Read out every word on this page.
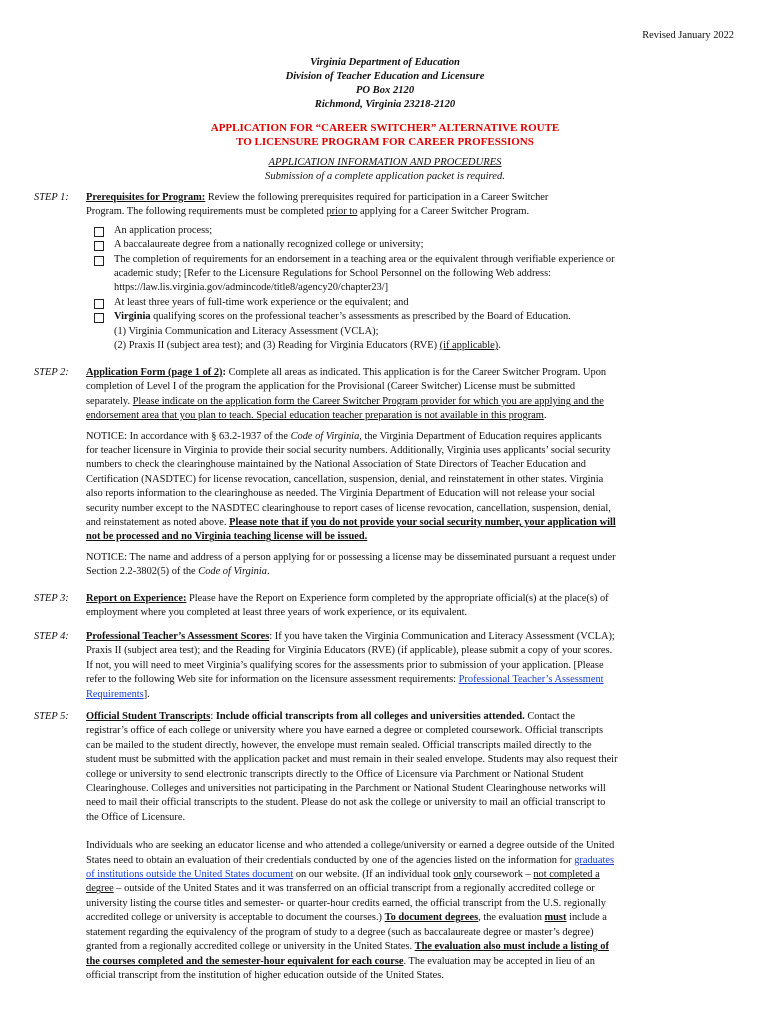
Revised January 2022
Virginia Department of Education
Division of Teacher Education and Licensure
PO Box 2120
Richmond, Virginia 23218-2120
APPLICATION FOR “CAREER SWITCHER” ALTERNATIVE ROUTE
TO LICENSURE PROGRAM FOR CAREER PROFESSIONS
APPLICATION INFORMATION AND PROCEDURES
Submission of a complete application packet is required.
STEP 1: Prerequisites for Program: Review the following prerequisites required for participation in a Career Switcher

Program. The following requirements must be completed prior to applying for a Career Switcher Program.

An application process;
A baccalaureate degree from a nationally recognized college or university;
The completion of requirements for an endorsement in a teaching area or the equivalent through verifiable experience or
academic study; [Refer to the Licensure Regulations for School Personnel on the following Web address:
https://law.lis.virginia.gov/admincode/title8/agency20/chapter23/]
At least three years of full-time work experience or the equivalent; and
Virginia qualifying scores on the professional teacher’s assessments as prescribed by the Board of Education.
(1) Virginia Communication and Literacy Assessment (VCLA);
(2) Praxis II (subject area test); and (3) Reading for Virginia Educators (RVE) (if applicable).
STEP 2: Application Form (page 1 of 2): Complete all areas as indicated. This application is for the Career Switcher Program. Upon

completion of Level I of the program the application for the Provisional (Career Switcher) License must be submitted

separately. Please indicate on the application form the Career Switcher Program provider for which you are applying and the

endorsement area that you plan to teach. Special education teacher preparation is not available in this program.

NOTICE: In accordance with § 63.2-1937 of the Code of Virginia, the Virginia Department of Education requires applicants

for teacher licensure in Virginia to provide their social security numbers. Additionally, Virginia uses applicants’ social security

numbers to check the clearinghouse maintained by the National Association of State Directors of Teacher Education and

Certification (NASDTEC) for license revocation, cancellation, suspension, denial, and reinstatement in other states. Virginia

also reports information to the clearinghouse as needed. The Virginia Department of Education will not release your social

security number except to the NASDTEC clearinghouse to report cases of license revocation, cancellation, suspension, denial,

and reinstatement as noted above. Please note that if you do not provide your social security number, your application will

not be processed and no Virginia teaching license will be issued.

NOTICE: The name and address of a person applying for or possessing a license may be disseminated pursuant a request under

Section 2.2-3802(5) of the Code of Virginia.

STEP 3: Report on Experience: Please have the Report on Experience form completed by the appropriate official(s) at the place(s) of

employment where you completed at least three years of work experience, or its equivalent.

STEP 4: Professional Teacher’s Assessment Scores: If you have taken the Virginia Communication and Literacy Assessment (VCLA);

Praxis II (subject area test); and the Reading for Virginia Educators (RVE) (if applicable), please submit a copy of your scores.

If not, you will need to meet Virginia’s qualifying scores for the assessments prior to submission of your application. [Please

refer to the following Web site for information on the licensure assessment requirements: Professional Teacher’s Assessment

Requirements].

STEP 5: Official Student Transcripts: Include official transcripts from all colleges and universities attended. Contact the

registrar’s office of each college or university where you have earned a degree or completed coursework. Official transcripts

can be mailed to the student directly, however, the envelope must remain sealed. Official transcripts mailed directly to the

student must be submitted with the application packet and must remain in their sealed envelope. Students may also request their

college or university to send electronic transcripts directly to the Office of Licensure via Parchment or National Student

Clearinghouse. Colleges and universities not participating in the Parchment or National Student Clearinghouse networks will

need to mail their official transcripts to the student. Please do not ask the college or university to mail an official transcript to

the Office of Licensure.

Individuals who are seeking an educator license and who attended a college/university or earned a degree outside of the United

States need to obtain an evaluation of their credentials conducted by one of the agencies listed on the information for graduates

of institutions outside the United States document on our website. (If an individual took only coursework – not completed a

degree – outside of the United States and it was transferred on an official transcript from a regionally accredited college or

university listing the course titles and semester- or quarter-hour credits earned, the official transcript from the U.S. regionally

accredited college or university is acceptable to document the courses.) To document degrees, the evaluation must include a

statement regarding the equivalency of the program of study to a degree (such as baccalaureate degree or master’s degree)

granted from a regionally accredited college or university in the United States. The evaluation also must include a listing of

the courses completed and the semester-hour equivalent for each course. The evaluation may be accepted in lieu of an

official transcript from the institution of higher education outside of the United States.
